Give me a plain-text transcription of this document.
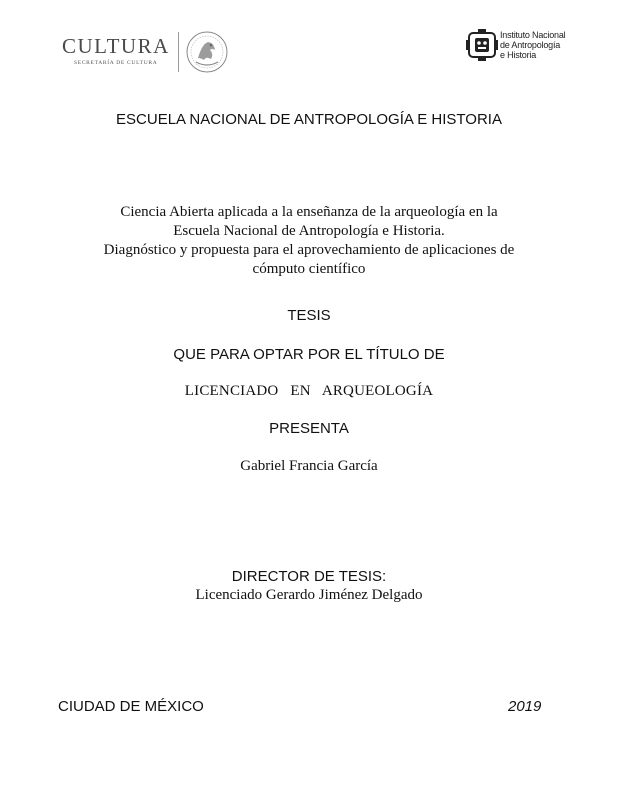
CULTURA
SECRETARÍA DE CULTURA
Instituto Nacional
de Antropología
e Historia
ESCUELA NACIONAL DE ANTROPOLOGÍA E HISTORIA
Ciencia Abierta aplicada a la enseñanza de la arqueología en la
Escuela Nacional de Antropología e Historia.
Diagnóstico y propuesta para el aprovechamiento de aplicaciones de
cómputo científico
TESIS
QUE PARA OPTAR POR EL TÍTULO DE
LICENCIADO  EN  ARQUEOLOGÍA
PRESENTA
Gabriel Francia García
DIRECTOR DE TESIS:
Licenciado Gerardo Jiménez Delgado
CIUDAD DE MÉXICO	2019
